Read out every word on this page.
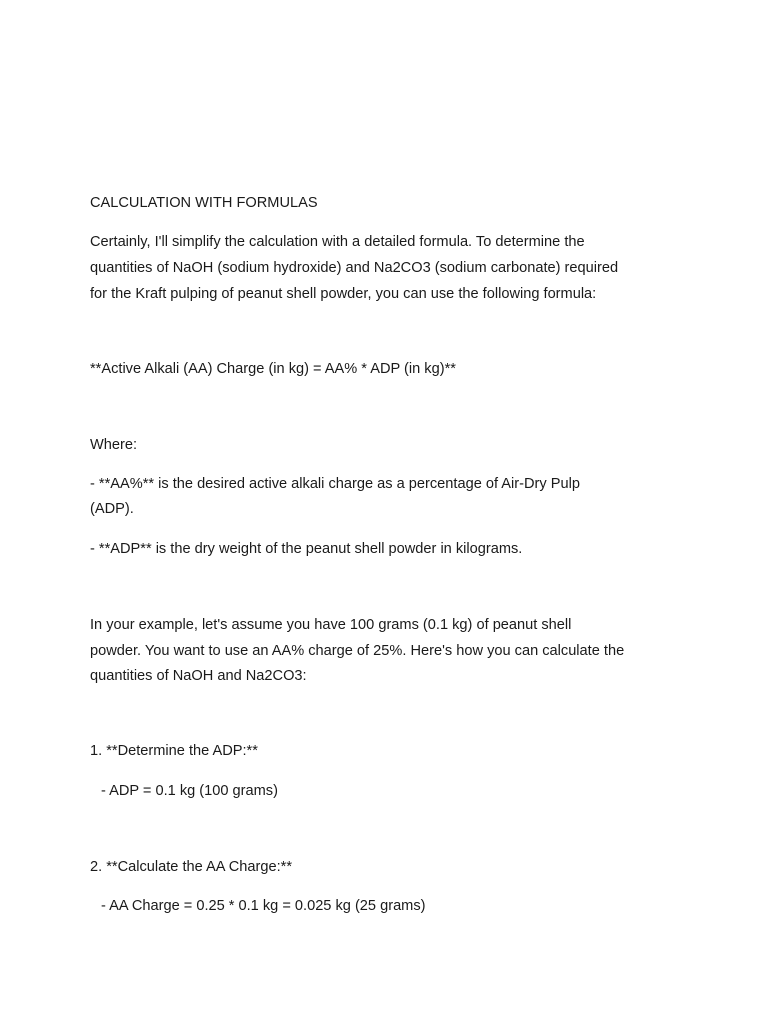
CALCULATION WITH FORMULAS
Certainly, I'll simplify the calculation with a detailed formula. To determine the
quantities of NaOH (sodium hydroxide) and Na2CO3 (sodium carbonate) required
for the Kraft pulping of peanut shell powder, you can use the following formula:
**Active Alkali (AA) Charge (in kg) = AA% * ADP (in kg)**
Where:
- **AA%** is the desired active alkali charge as a percentage of Air-Dry Pulp
(ADP).
- **ADP** is the dry weight of the peanut shell powder in kilograms.
In your example, let's assume you have 100 grams (0.1 kg) of peanut shell
powder. You want to use an AA% charge of 25%. Here's how you can calculate the
quantities of NaOH and Na2CO3:
1. **Determine the ADP:**
- ADP = 0.1 kg (100 grams)
2. **Calculate the AA Charge:**
- AA Charge = 0.25 * 0.1 kg = 0.025 kg (25 grams)
